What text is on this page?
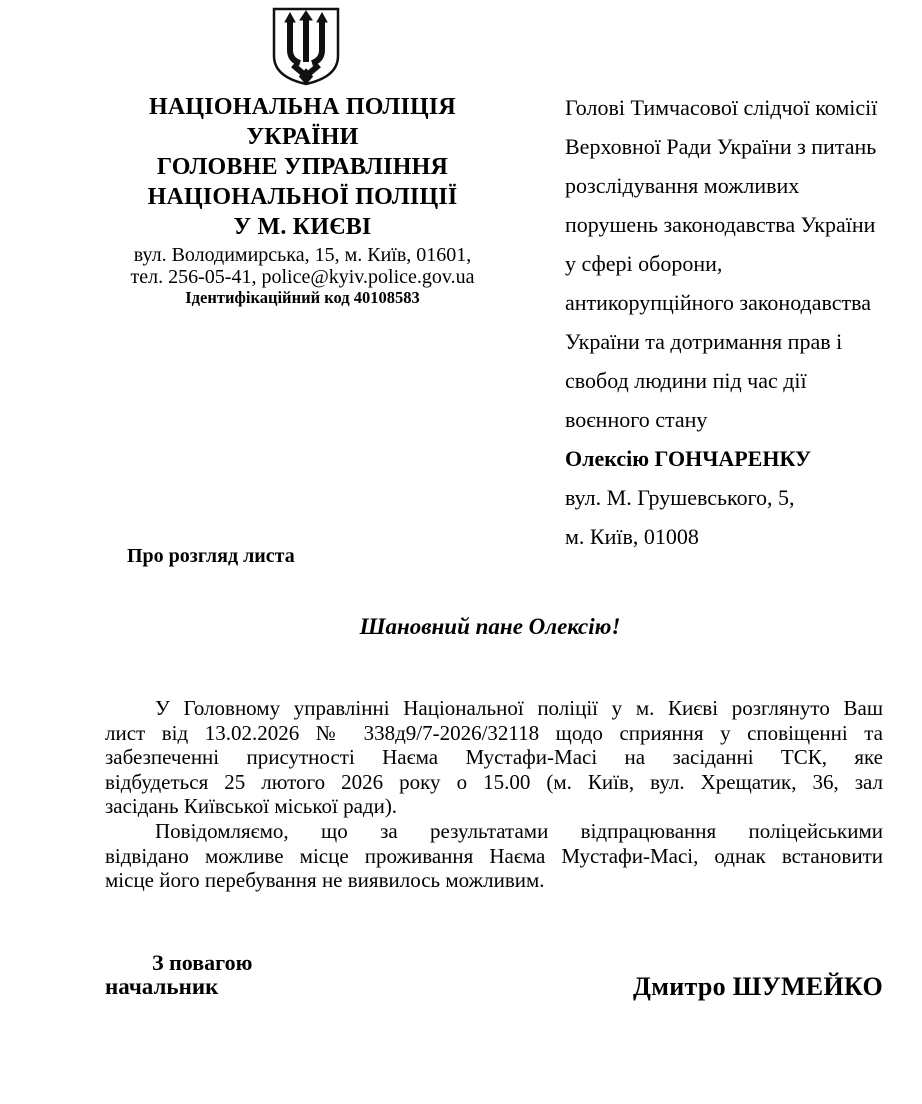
НАЦІОНАЛЬНА ПОЛІЦІЯ
УКРАЇНИ
ГОЛОВНЕ УПРАВЛІННЯ
НАЦІОНАЛЬНОЇ ПОЛІЦІЇ
У М. КИЄВІ
вул. Володимирська, 15, м. Київ, 01601,
тел. 256-05-41, police@kyiv.police.gov.ua
Ідентифікаційний код 40108583
Голові Тимчасової слідчої комісії
Верховної Ради України з питань
розслідування можливих
порушень законодавства України
у сфері оборони,
антикорупційного законодавства
України та дотримання прав і
свобод людини під час дії
воєнного стану
Олексію ГОНЧАРЕНКУ
вул. М. Грушевського, 5,
м. Київ, 01008
Про розгляд листа
Шановний пане Олексію!
У Головному управлінні Національної поліції у м. Києві розглянуто Ваш
лист від 13.02.2026 № 338д9/7-2026/32118 щодо сприяння у сповіщенні та
забезпеченні присутності Наєма Мустафи-Масі на засіданні ТСК, яке
відбудеться 25 лютого 2026 року о 15.00 (м. Київ, вул. Хрещатик, 36, зал
засідань Київської міської ради).
Повідомляємо, що за результатами відпрацювання поліцейськими
відвідано можливе місце проживання Наєма Мустафи-Масі, однак встановити
місце його перебування не виявилось можливим.
З повагою
начальник	Дмитро ШУМЕЙКО
